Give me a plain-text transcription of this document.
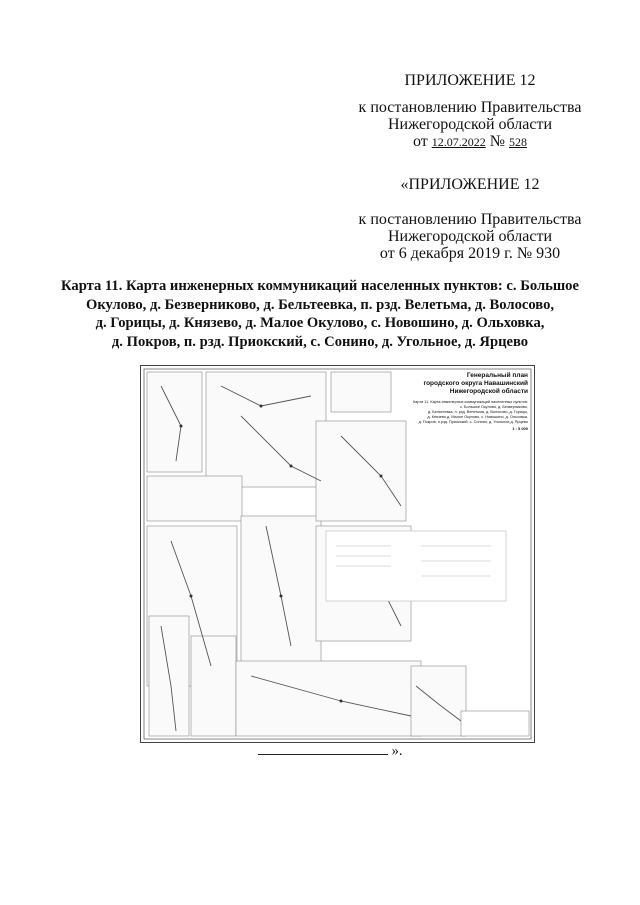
ПРИЛОЖЕНИЕ 12
к постановлению Правительства
Нижегородской области
от 12.07.2022 № 528
«ПРИЛОЖЕНИЕ 12
к постановлению Правительства
Нижегородской области
от 6 декабря 2019 г. № 930
Карта 11. Карта инженерных коммуникаций населенных пунктов: с. Большое
Окулово, д. Безверниково, д. Бельтеевка, п. рзд. Велетьма, д. Волосово,
д. Горицы, д. Князево, д. Малое Окулово, с. Новошино, д. Ольховка,
д. Покров, п. рзд. Приокский, с. Сонино, д. Угольное, д. Ярцево
Генеральный план
городского округа Навашинский
Нижегородской области
Карта 11. Карта инженерных коммуникаций населенных пунктов:
с. Большое Окулово, д. Безверниково,
д. Бельтеевка, п. рзд. Велетьма, д. Волосово, д. Горицы,
д. Князево,д. Малое Окулово, с. Новошино, д. Ольховка,
д. Покров, п.рзд. Приокский, с. Сонино, д. Угольное,д. Ярцево
1 : 5 000
».
